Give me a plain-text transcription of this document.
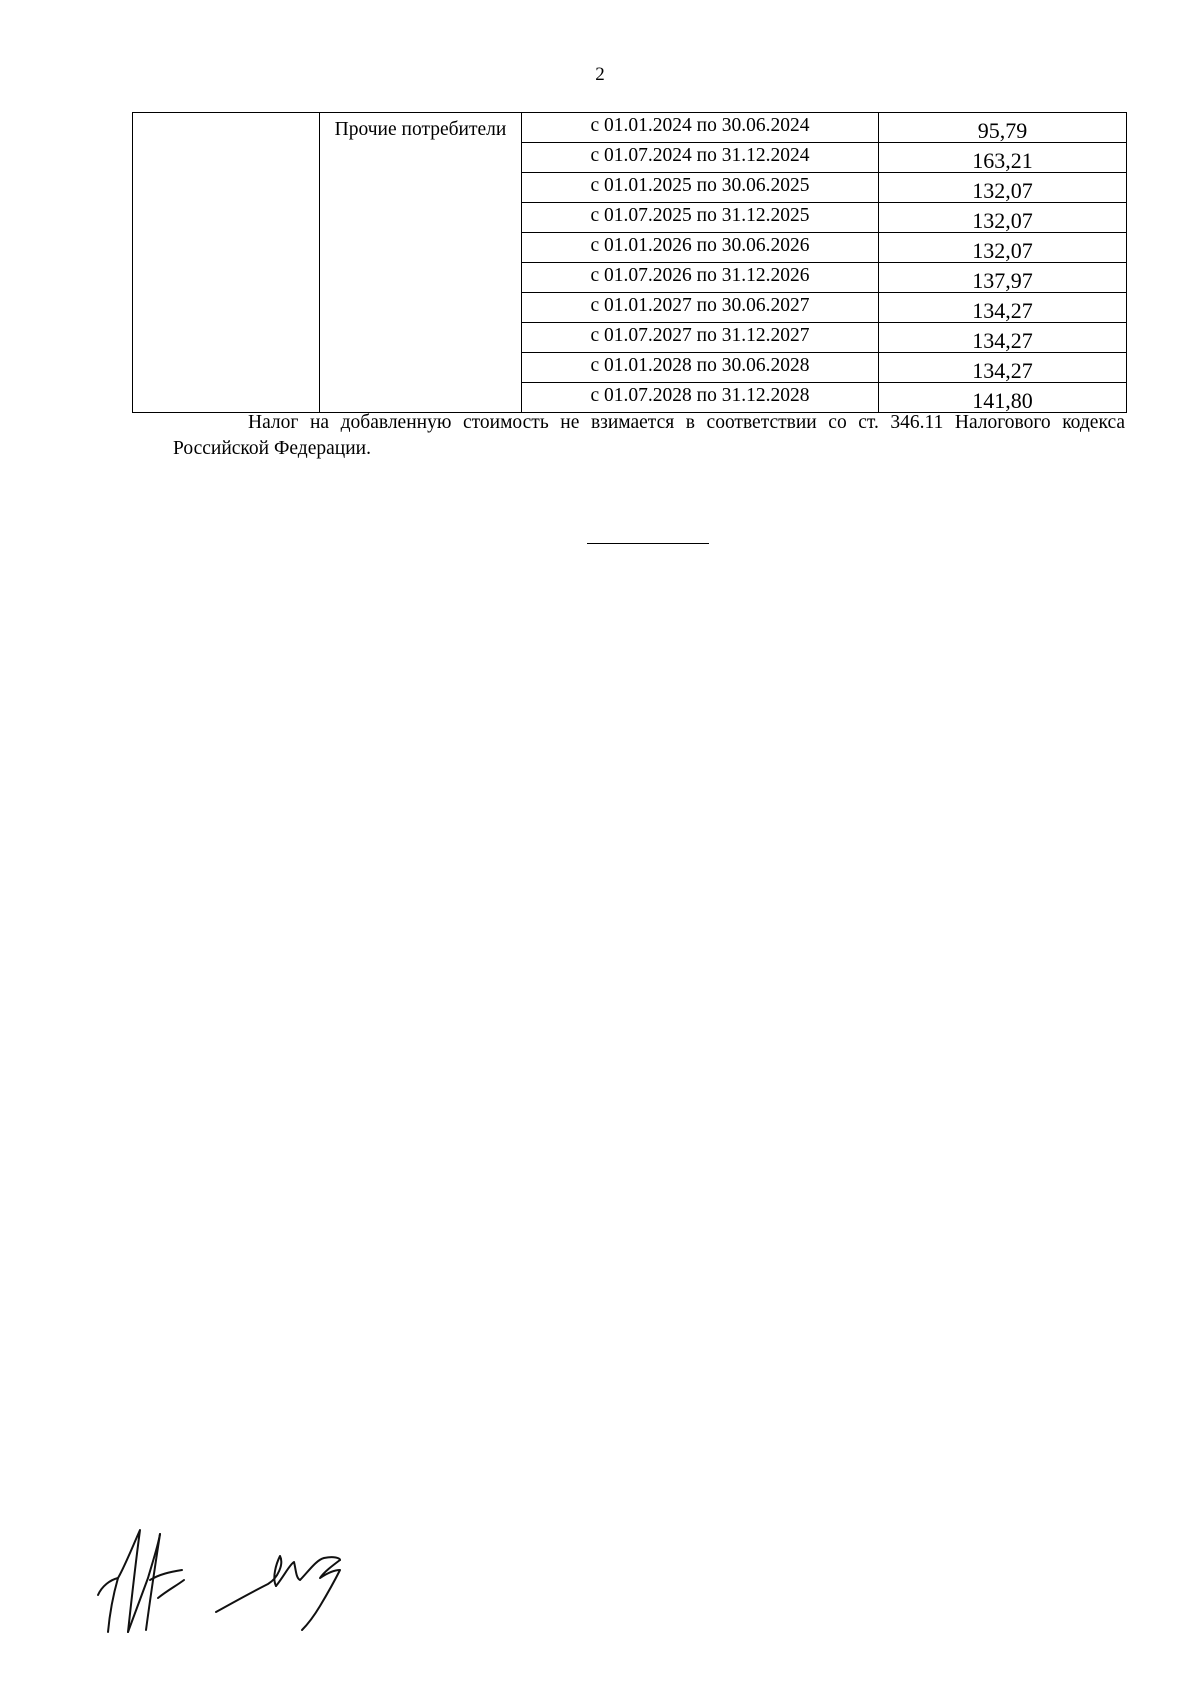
2
	Прочие потребители	с 01.01.2024 по 30.06.2024	95,79
		с 01.07.2024 по 31.12.2024	163,21
		с 01.01.2025 по 30.06.2025	132,07
		с 01.07.2025 по 31.12.2025	132,07
		с 01.01.2026 по 30.06.2026	132,07
		с 01.07.2026 по 31.12.2026	137,97
		с 01.01.2027 по 30.06.2027	134,27
		с 01.07.2027 по 31.12.2027	134,27
		с 01.01.2028 по 30.06.2028	134,27
		с 01.07.2028 по 31.12.2028	141,80
Налог на добавленную стоимость не взимается в соответствии со ст. 346.11 Налогового кодекса Российской Федерации.
